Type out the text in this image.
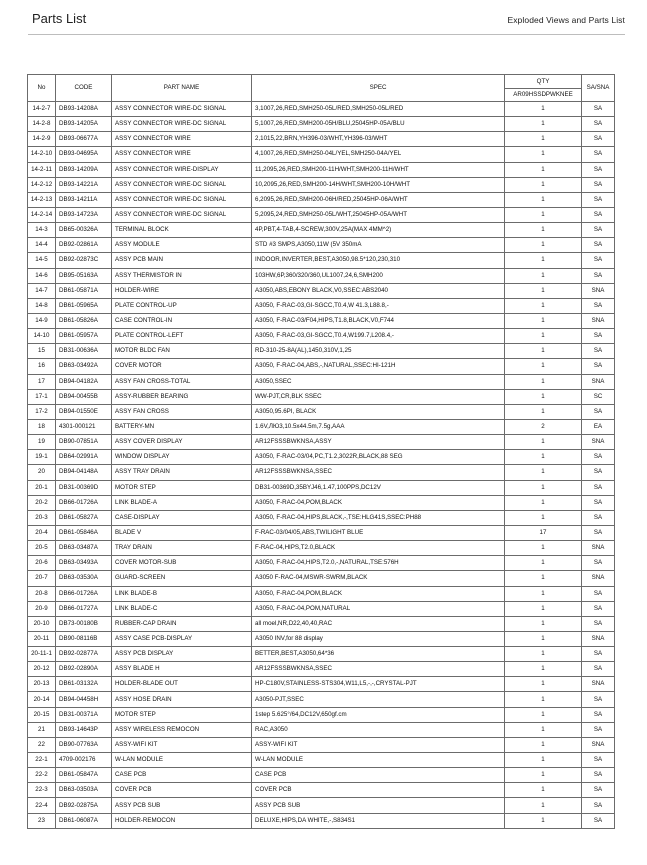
Parts List	Exploded Views and Parts List
No	CODE	PART NAME	SPEC	QTY	SA/SNA
				AR09HSSDPWKNEE	
14-2-7	DB93-14208A	ASSY CONNECTOR WIRE-DC SIGNAL	3,1007,26,RED,SMH250-05L/RED,SMH250-05L/RED	1	SA
14-2-8	DB93-14205A	ASSY CONNECTOR WIRE-DC SIGNAL	5,1007,26,RED,SMH200-05H/BLU,25045HP-05A/BLU	1	SA
14-2-9	DB93-06677A	ASSY CONNECTOR WIRE	2,1015,22,BRN,YH396-03/WHT,YH396-03/WHT	1	SA
14-2-10	DB93-04695A	ASSY CONNECTOR WIRE	4,1007,26,RED,SMH250-04L/YEL,SMH250-04A/YEL	1	SA
14-2-11	DB93-14209A	ASSY CONNECTOR WIRE-DISPLAY	11,2095,26,RED,SMH200-11H/WHT,SMH200-11H/WHT	1	SA
14-2-12	DB93-14221A	ASSY CONNECTOR WIRE-DC SIGNAL	10,2095,26,RED,SMH200-14H/WHT,SMH200-10H/WHT	1	SA
14-2-13	DB93-14211A	ASSY CONNECTOR WIRE-DC SIGNAL	6,2095,26,RED,SMH200-06H/RED,25045HP-06A/WHT	1	SA
14-2-14	DB93-14723A	ASSY CONNECTOR WIRE-DC SIGNAL	5,2095,24,RED,SMH250-05L/WHT,25045HP-05A/WHT	1	SA
14-3	DB65-00326A	TERMINAL BLOCK	4P,PBT,4-TAB,4-SCREW,300V,25A(MAX 4MM^2)	1	SA
14-4	DB92-02861A	ASSY MODULE	STD #3 SMPS,A3050,11W (5V 350mA	1	SA
14-5	DB92-02873C	ASSY PCB MAIN	INDOOR,INVERTER,BEST,A3050,98.5*120,230,310	1	SA
14-6	DB95-05163A	ASSY THERMISTOR IN	103HW,6P,360/320/360,UL1007,24,6,SMH200	1	SA
14-7	DB61-05871A	HOLDER-WIRE	A3050,ABS,EBONY BLACK,V0,SSEC:ABS2040	1	SNA
14-8	DB61-05965A	PLATE CONTROL-UP	A3050, F-RAC-03,GI-SGCC,T0.4,W 41.3,L88.8,-	1	SA
14-9	DB61-05826A	CASE CONTROL-IN	A3050, F-RAC-03/F04,HIPS,T1.8,BLACK,V0,F744	1	SNA
14-10	DB61-05957A	PLATE CONTROL-LEFT	A3050, F-RAC-03,GI-SGCC,T0.4,W199.7,L208.4,-	1	SA
15	DB31-00636A	MOTOR BLDC FAN	RD-310-25-8A(AL),1450,310V,1,25	1	SA
16	DB63-03492A	COVER MOTOR	A3050, F-RAC-04,ABS,-,NATURAL,SSEC:HI-121H	1	SA
17	DB94-04182A	ASSY FAN CROSS-TOTAL	A3050,SSEC	1	SNA
17-1	DB94-00455B	ASSY-RUBBER BEARING	WW-PJT,CR,BLK SSEC	1	SC
17-2	DB94-01550E	ASSY FAN CROSS	A3050,95.6PI, BLACK	1	SA
18	4301-000121	BATTERY-MN	1.6V,ЛЮ3,10.5x44.5m,7.5g,AAA	2	EA
19	DB90-07851A	ASSY COVER DISPLAY	AR12FSSSBWKNSA,ASSY	1	SNA
19-1	DB64-02991A	WINDOW DISPLAY	A3050, F-RAC-03/04,PC,T1.2,3022R,BLACK,88 SEG	1	SA
20	DB94-04148A	ASSY TRAY DRAIN	AR12FSSSBWKNSA,SSEC	1	SA
20-1	DB31-00369D	MOTOR STEP	DB31-00369D,35BYJ46,1.47,100PPS,DC12V	1	SA
20-2	DB66-01726A	LINK BLADE-A	A3050, F-RAC-04,POM,BLACK	1	SA
20-3	DB61-05827A	CASE-DISPLAY	A3050, F-RAC-04,HIPS,BLACK,-,TSE:HLG41S,SSEC:PH88	1	SA
20-4	DB61-05846A	BLADE V	F-RAC-03/04/05,ABS,TWILIGHT BLUE	17	SA
20-5	DB63-03487A	TRAY DRAIN	F-RAC-04,HIPS,T2.0,BLACK	1	SNA
20-6	DB63-03493A	COVER MOTOR-SUB	A3050, F-RAC-04,HIPS,T2.0,-,NATURAL,TSE:576H	1	SA
20-7	DB63-03530A	GUARD-SCREEN	A3050 F-RAC-04,MSWR-SWRM,BLACK	1	SNA
20-8	DB66-01726A	LINK BLADE-B	A3050, F-RAC-04,POM,BLACK	1	SA
20-9	DB66-01727A	LINK BLADE-C	A3050, F-RAC-04,POM,NATURAL	1	SA
20-10	DB73-00180B	RUBBER-CAP DRAIN	all moel,NR,D22,40,40,RAC	1	SA
20-11	DB90-08116B	ASSY CASE PCB-DISPLAY	A3050 INV,for 88 display	1	SNA
20-11-1	DB92-02877A	ASSY PCB DISPLAY	BETTER,BEST,A3050,64*36	1	SA
20-12	DB92-02890A	ASSY BLADE H	AR12FSSSBWKNSA,SSEC	1	SA
20-13	DB61-03132A	HOLDER-BLADE OUT	HP-C180V,STAINLESS-STS304,W11,L5,-,-,CRYSTAL-PJT	1	SNA
20-14	DB94-04458H	ASSY HOSE DRAIN	A3050-PJT,SSEC	1	SA
20-15	DB31-00371A	MOTOR STEP	1step 5.625°/64,DC12V,650gf.cm	1	SA
21	DB93-14643P	ASSY WIRELESS REMOCON	RAC,A3050	1	SA
22	DB90-07763A	ASSY-WIFI KIT	ASSY-WIFI KIT	1	SNA
22-1	4709-002176	W-LAN MODULE	W-LAN MODULE	1	SA
22-2	DB61-05847A	CASE PCB	CASE PCB	1	SA
22-3	DB63-03503A	COVER PCB	COVER PCB	1	SA
22-4	DB92-02875A	ASSY PCB SUB	ASSY PCB SUB	1	SA
23	DB61-06087A	HOLDER-REMOCON	DELUXE,HIPS,DA WHITE,-,S834S1	1	SA
